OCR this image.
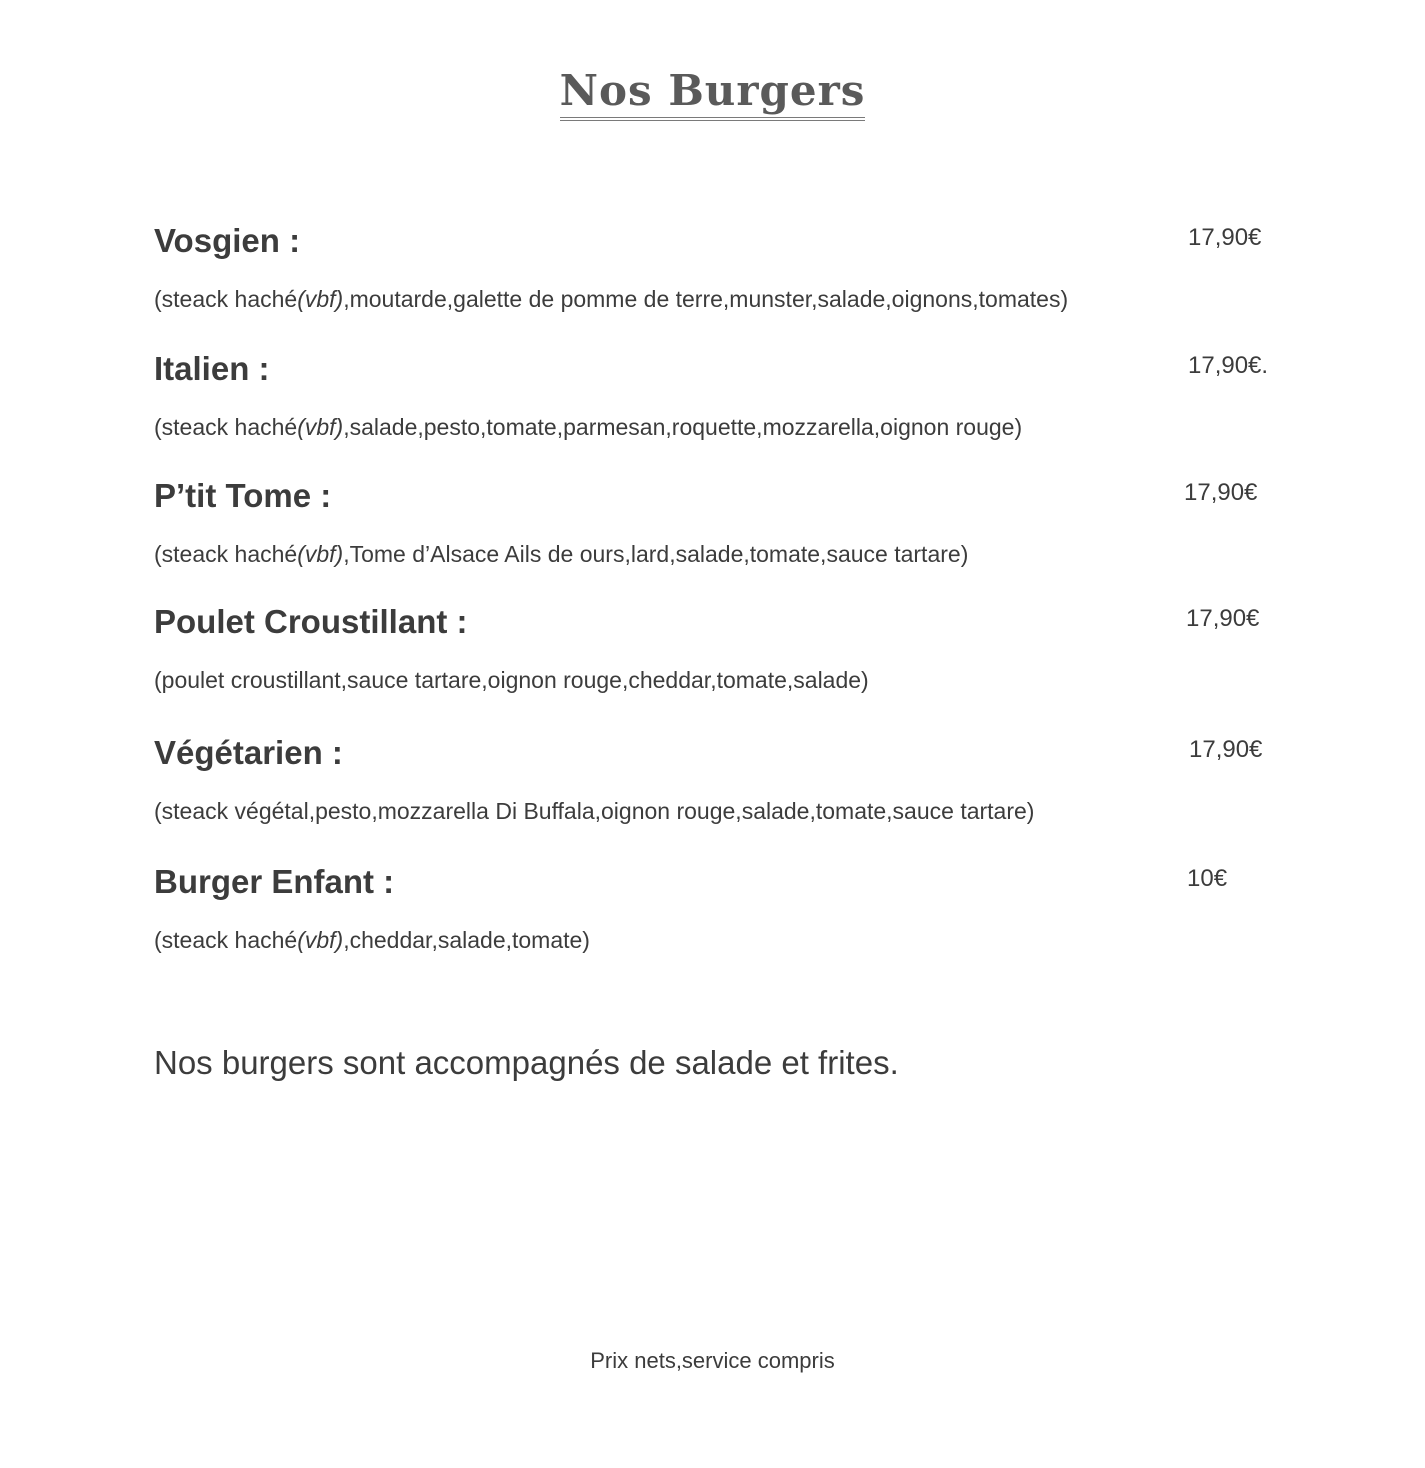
Nos Burgers
Vosgien :	17,90€
(steack haché(vbf),moutarde,galette de pomme de terre,munster,salade,oignons,tomates)
Italien :	17,90€.
(steack haché(vbf),salade,pesto,tomate,parmesan,roquette,mozzarella,oignon rouge)
P’tit Tome :	17,90€
(steack haché(vbf),Tome d’Alsace Ails de ours,lard,salade,tomate,sauce tartare)
Poulet Croustillant :	17,90€
(poulet croustillant,sauce tartare,oignon rouge,cheddar,tomate,salade)
Végétarien :	17,90€
(steack végétal,pesto,mozzarella Di Buffala,oignon rouge,salade,tomate,sauce tartare)
Burger Enfant :	10€
(steack haché(vbf),cheddar,salade,tomate)
Nos burgers sont accompagnés de salade et frites.
Prix nets,service compris
